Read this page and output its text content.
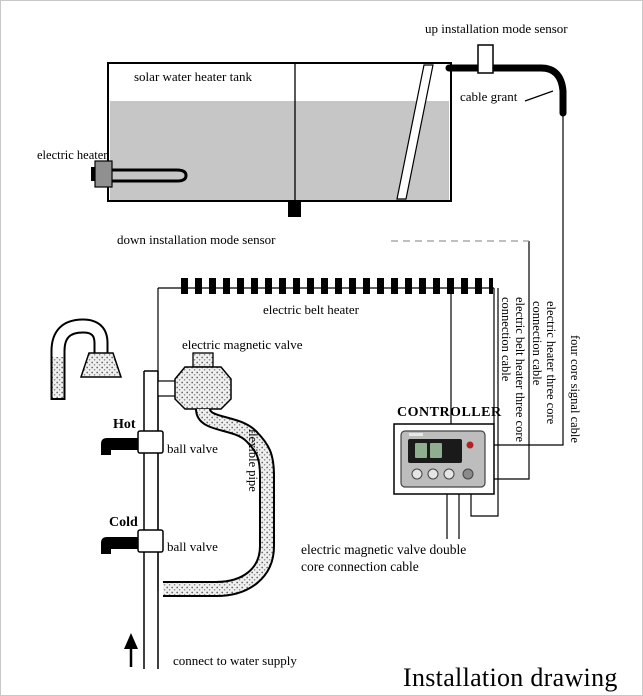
solar water heater tank
up installation mode sensor
cable grant
electric heater
down installation mode sensor
electric belt heater
electric magnetic valve
CONTROLLER
Hot
Cold
ball valve
ball valve
connect to water supply
flexible pipe
electric belt heater three core connection cable	electric heater three core connection cable	four core signal cable
electric magnetic valve double
core connection cable
Installation drawing
